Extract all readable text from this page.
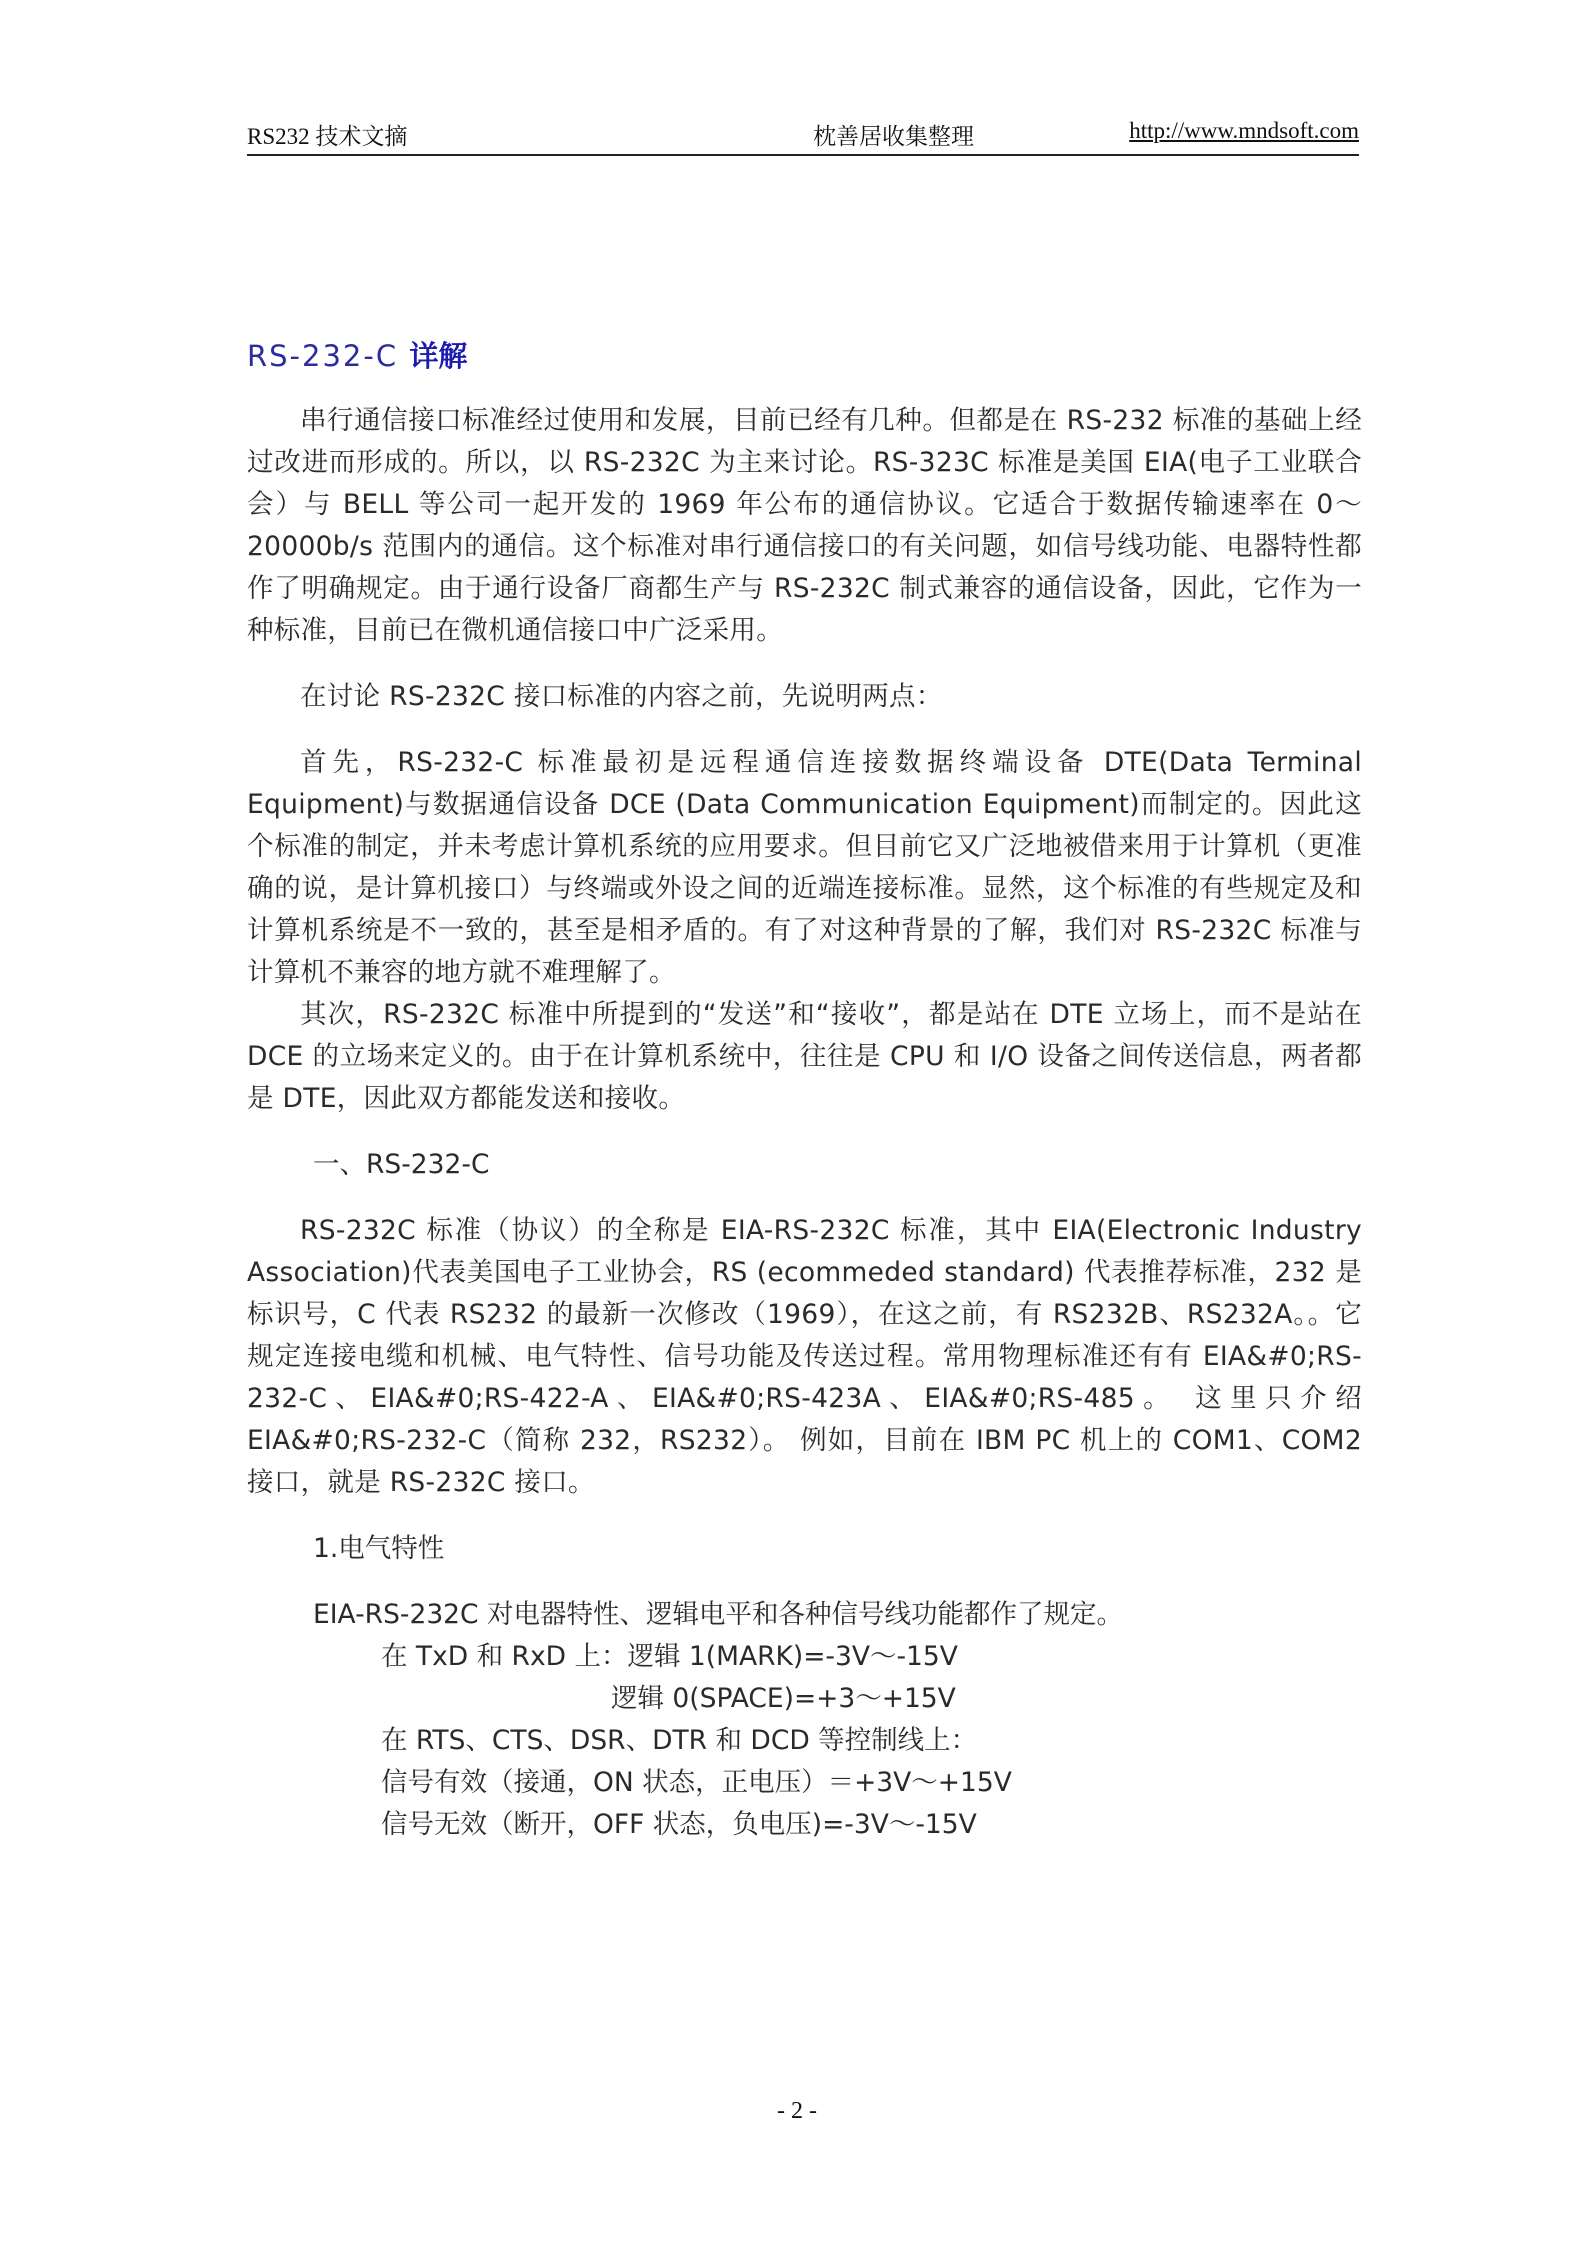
RS232 技术文摘	枕善居收集整理	http://www.mndsoft.com
RS-232-C 详解

串行通信接口标准经过使用和发展，目前已经有几种。但都是在 RS-232 标准的基础上经过改进而形成的。所以，以 RS-232C 为主来讨论。RS-323C 标准是美国 EIA(电子工业联合会）与 BELL 等公司一起开发的 1969 年公布的通信协议。它适合于数据传输速率在 0～20000b/s 范围内的通信。这个标准对串行通信接口的有关问题，如信号线功能、电器特性都作了明确规定。由于通行设备厂商都生产与 RS-232C 制式兼容的通信设备，因此，它作为一种标准，目前已在微机通信接口中广泛采用。

在讨论 RS-232C 接口标准的内容之前，先说明两点：

首先，RS-232-C 标准最初是远程通信连接数据终端设备 DTE(Data Terminal Equipment)与数据通信设备 DCE (Data Communication Equipment)而制定的。因此这个标准的制定，并未考虑计算机系统的应用要求。但目前它又广泛地被借来用于计算机（更准确的说，是计算机接口）与终端或外设之间的近端连接标准。显然，这个标准的有些规定及和计算机系统是不一致的，甚至是相矛盾的。有了对这种背景的了解，我们对 RS-232C 标准与计算机不兼容的地方就不难理解了。

其次，RS-232C 标准中所提到的“发送”和“接收”，都是站在 DTE 立场上，而不是站在 DCE 的立场来定义的。由于在计算机系统中，往往是 CPU 和 I/O 设备之间传送信息，两者都是 DTE，因此双方都能发送和接收。

一、RS-232-C

RS-232C 标准（协议）的全称是 EIA-RS-232C 标准，其中 EIA(Electronic Industry Association)代表美国电子工业协会，RS (ecommeded standard) 代表推荐标准，232 是标识号，C 代表 RS232 的最新一次修改（1969），在这之前，有 RS232B、RS232A。。它规定连接电缆和机械、电气特性、信号功能及传送过程。常用物理标准还有有 EIA&#0;RS-232-C、EIA&#0;RS-422-A、EIA&#0;RS-423A、EIA&#0;RS-485。 这里只介绍 EIA&#0;RS-232-C（简称 232，RS232）。 例如，目前在 IBM PC 机上的 COM1、COM2 接口，就是 RS-232C 接口。

1.电气特性

EIA-RS-232C 对电器特性、逻辑电平和各种信号线功能都作了规定。

在 TxD 和 RxD 上：逻辑 1(MARK)=-3V～-15V

逻辑 0(SPACE)=+3～+15V

在 RTS、CTS、DSR、DTR 和 DCD 等控制线上：

信号有效（接通，ON 状态，正电压）＝+3V～+15V

信号无效（断开，OFF 状态，负电压)=-3V～-15V

- 2 -
